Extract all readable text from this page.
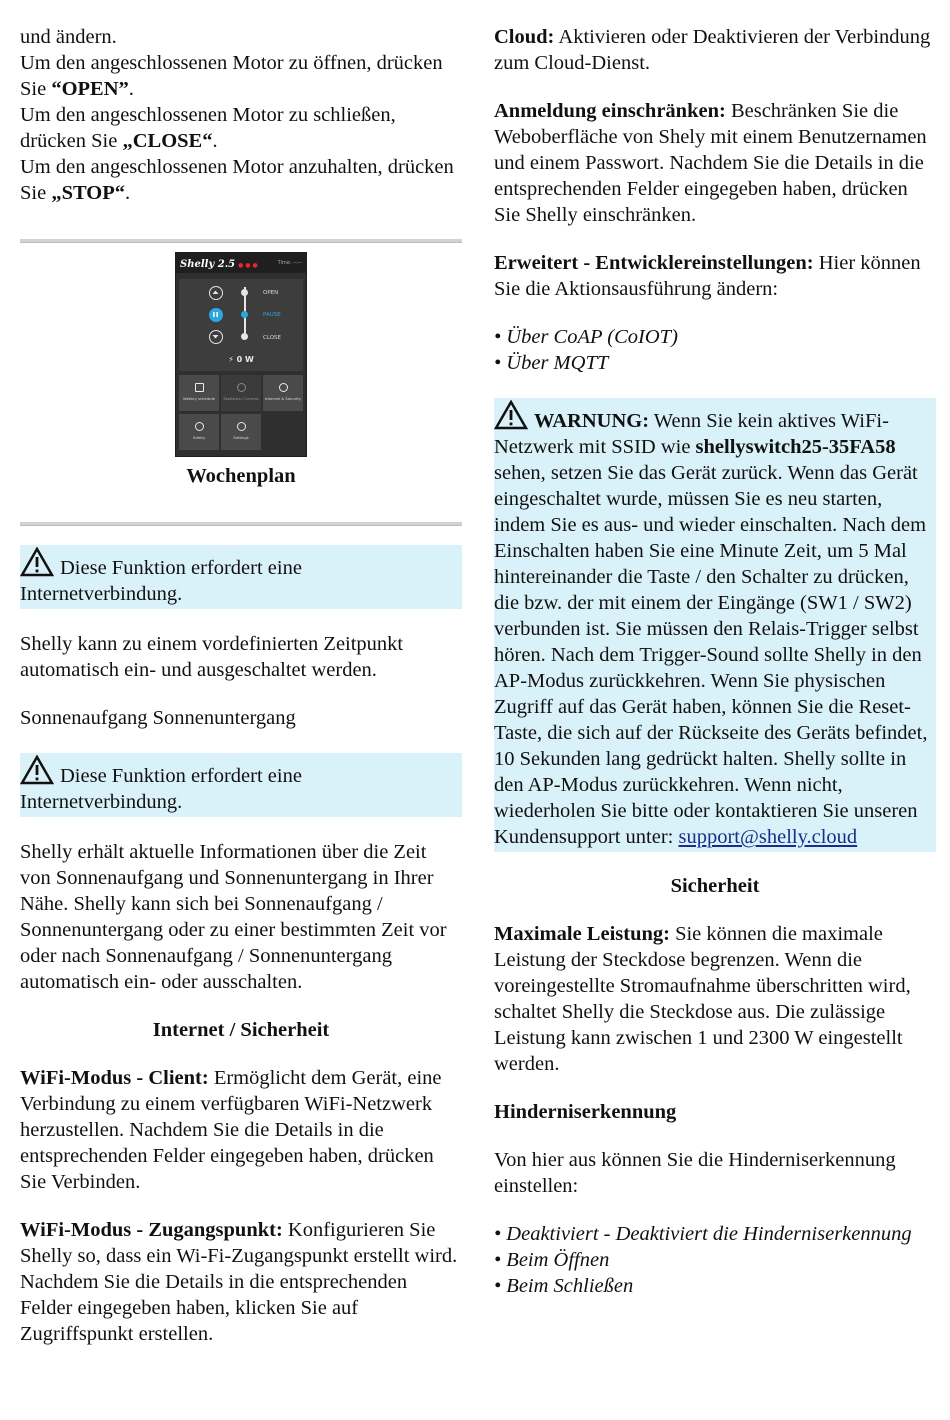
und ändern.
Um den angeschlossenen Motor zu öffnen, drücken Sie “OPEN”.
Um den angeschlossenen Motor zu schließen, drücken Sie „CLOSE“.
Um den angeschlossenen Motor anzuhalten, drücken Sie „STOP“.

Shelly 2.5 ● ● ●	Time: --:--
OPEN
PAUSE
CLOSE
⚡ 0 W
Weekly schedule	Statistics / Current	Internet & Security
Safety	Settings

Wochenplan

Diese Funktion erfordert eine Internetverbindung.

Shelly kann zu einem vordefinierten Zeitpunkt automatisch ein- und ausgeschaltet werden.

Sonnenaufgang Sonnenuntergang

Diese Funktion erfordert eine Internetverbindung.

Shelly erhält aktuelle Informationen über die Zeit von Sonnenaufgang und Sonnenuntergang in Ihrer Nähe. Shelly kann sich bei Sonnenaufgang / Sonnenuntergang oder zu einer bestimmten Zeit vor oder nach Sonnenaufgang / Sonnenuntergang automatisch ein- oder ausschalten.

Internet / Sicherheit

WiFi-Modus - Client: Ermöglicht dem Gerät, eine Verbindung zu einem verfügbaren WiFi-Netzwerk herzustellen. Nachdem Sie die Details in die entsprechenden Felder eingegeben haben, drücken Sie Verbinden.

WiFi-Modus - Zugangspunkt: Konfigurieren Sie Shelly so, dass ein Wi-Fi-Zugangspunkt erstellt wird. Nachdem Sie die Details in die entsprechenden Felder eingegeben haben, klicken Sie auf Zugriffspunkt erstellen.

Cloud: Aktivieren oder Deaktivieren der Verbindung zum Cloud-Dienst.

Anmeldung einschränken: Beschränken Sie die Weboberfläche von Shely mit einem Benutzernamen und einem Passwort. Nachdem Sie die Details in die entsprechenden Felder eingegeben haben, drücken Sie Shelly einschränken.

Erweitert - Entwicklereinstellungen: Hier können Sie die Aktionsausführung ändern:

• Über CoAP (CoIOT)
• Über MQTT

WARNUNG: Wenn Sie kein aktives WiFi-Netzwerk mit SSID wie shellyswitch25-35FA58 sehen, setzen Sie das Gerät zurück. Wenn das Gerät eingeschaltet wurde, müssen Sie es neu starten, indem Sie es aus- und wieder einschalten. Nach dem Einschalten haben Sie eine Minute Zeit, um 5 Mal hintereinander die Taste / den Schalter zu drücken, die bzw. der mit einem der Eingänge (SW1 / SW2) verbunden ist. Sie müssen den Relais-Trigger selbst hören. Nach dem Trigger-Sound sollte Shelly in den AP-Modus zurückkehren. Wenn Sie physischen Zugriff auf das Gerät haben, können Sie die Reset-Taste, die sich auf der Rückseite des Geräts befindet, 10 Sekunden lang gedrückt halten. Shelly sollte in den AP-Modus zurückkehren. Wenn nicht, wiederholen Sie bitte oder kontaktieren Sie unseren Kundensupport unter: support@shelly.cloud

Sicherheit

Maximale Leistung: Sie können die maximale Leistung der Steckdose begrenzen. Wenn die voreingestellte Stromaufnahme überschritten wird, schaltet Shelly die Steckdose aus. Die zulässige Leistung kann zwischen 1 und 2300 W eingestellt werden.

Hinderniserkennung

Von hier aus können Sie die Hinderniserkennung einstellen:

• Deaktiviert - Deaktiviert die Hinderniserkennung
• Beim Öffnen
• Beim Schließen
